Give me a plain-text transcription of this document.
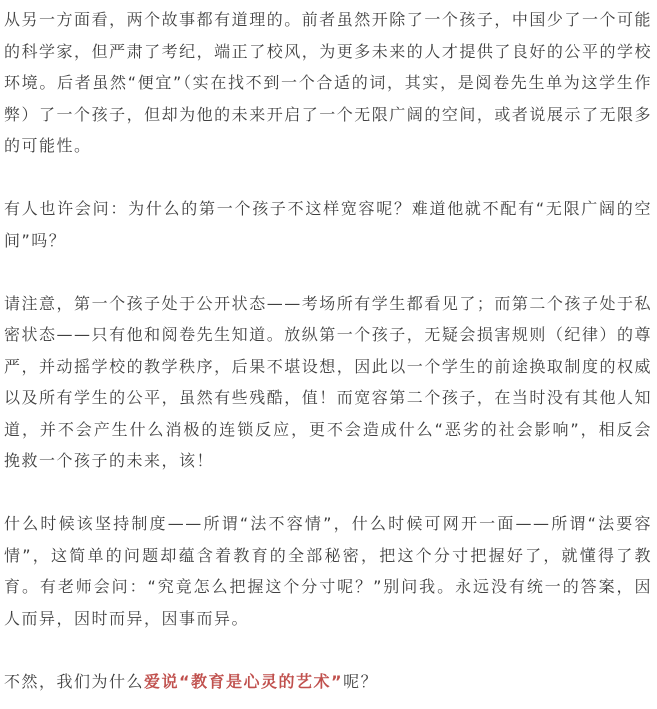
从另一方面看，两个故事都有道理的。前者虽然开除了一个孩子，中国少了一个可能的科学家，但严肃了考纪，端正了校风，为更多未来的人才提供了良好的公平的学校环境。后者虽然“便宜”（实在找不到一个合适的词，其实，是阅卷先生单为这学生作弊）了一个孩子，但却为他的未来开启了一个无限广阔的空间，或者说展示了无限多的可能性。

有人也许会问：为什么的第一个孩子不这样宽容呢？难道他就不配有“无限广阔的空间”吗？

请注意，第一个孩子处于公开状态——考场所有学生都看见了；而第二个孩子处于私密状态——只有他和阅卷先生知道。放纵第一个孩子，无疑会损害规则（纪律）的尊严，并动摇学校的教学秩序，后果不堪设想，因此以一个学生的前途换取制度的权威以及所有学生的公平，虽然有些残酷，值！而宽容第二个孩子，在当时没有其他人知道，并不会产生什么消极的连锁反应，更不会造成什么“恶劣的社会影响”，相反会挽救一个孩子的未来，该！

什么时候该坚持制度——所谓“法不容情”，什么时候可网开一面——所谓“法要容情”，这简单的问题却蕴含着教育的全部秘密，把这个分寸把握好了，就懂得了教育。有老师会问：“究竟怎么把握这个分寸呢？”别问我。永远没有统一的答案，因人而异，因时而异，因事而异。

不然，我们为什么爱说“教育是心灵的艺术”呢？
